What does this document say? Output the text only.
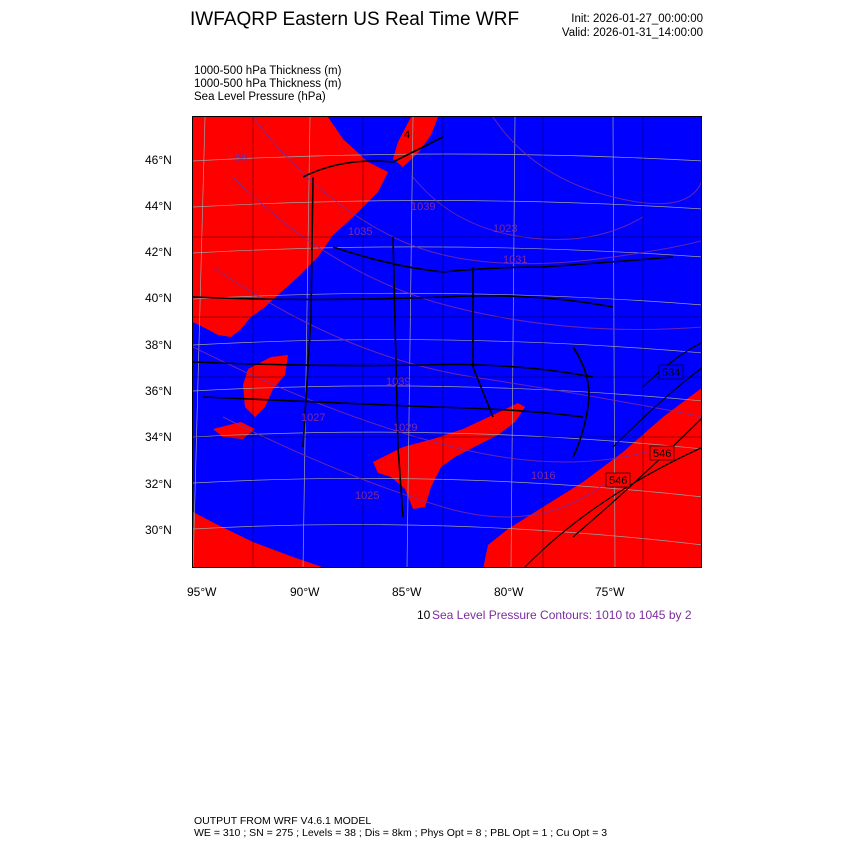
IWFAQRP Eastern US Real Time WRF	Init: 2026-01-27_00:00:00
Valid: 2026-01-31_14:00:00
1000-500 hPa Thickness (m)
1000-500 hPa Thickness (m)
Sea Level Pressure (hPa)
546
546
534
1016
1025
1039
1039
1035
1031
1027
1029
1023
56
4
46°N
44°N
42°N
40°N
38°N
36°N
34°N
32°N
30°N
95°W	90°W	85°W	80°W	75°W
10 Sea Level Pressure Contours: 1010 to 1045 by 2
OUTPUT FROM WRF V4.6.1 MODEL
WE = 310 ; SN = 275 ; Levels = 38 ; Dis = 8km ; Phys Opt = 8 ; PBL Opt = 1 ; Cu Opt = 3
